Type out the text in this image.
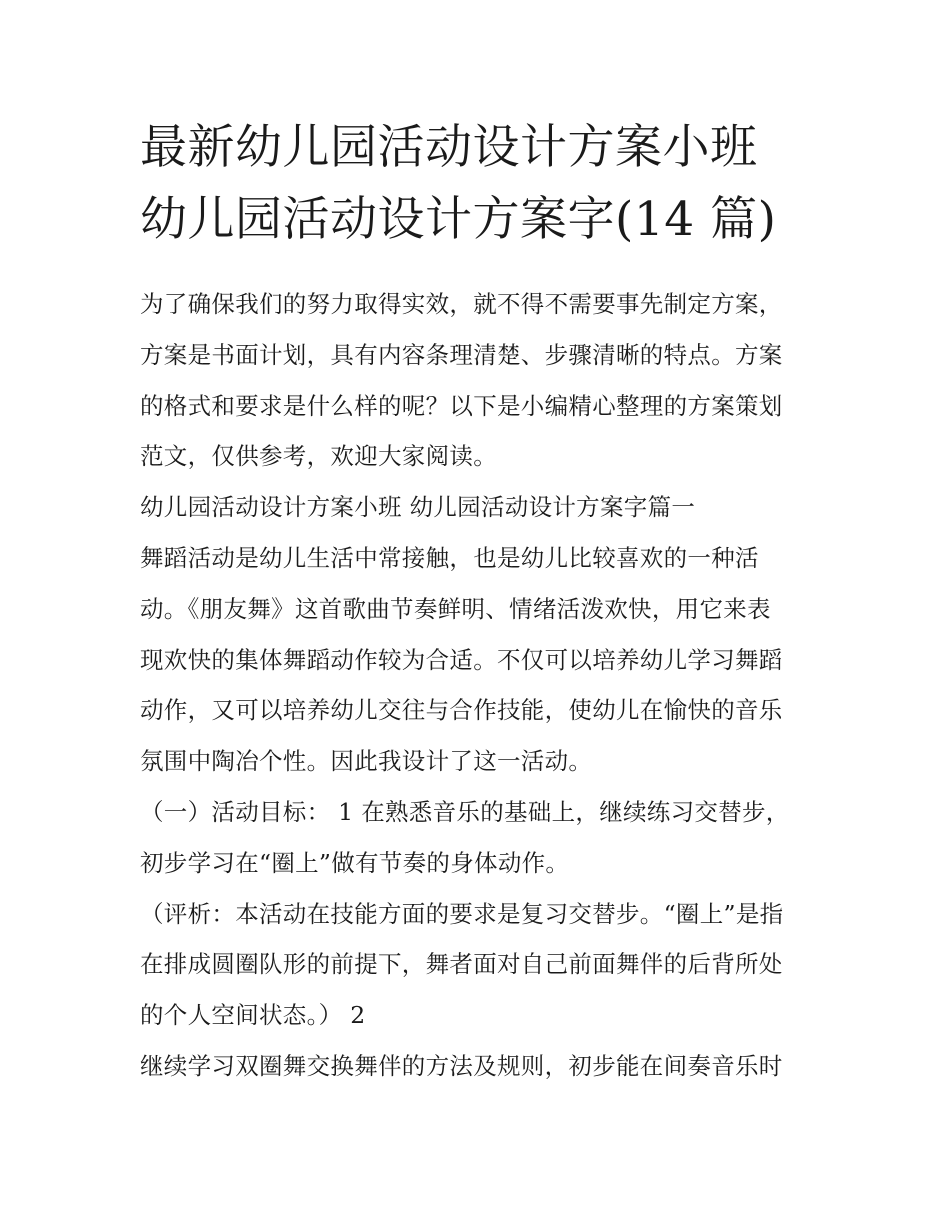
最新幼儿园活动设计方案小班
幼儿园活动设计方案字(14 篇)
为了确保我们的努力取得实效，就不得不需要事先制定方案，
方案是书面计划，具有内容条理清楚、步骤清晰的特点。方案
的格式和要求是什么样的呢？以下是小编精心整理的方案策划
范文，仅供参考，欢迎大家阅读。
幼儿园活动设计方案小班 幼儿园活动设计方案字篇一
舞蹈活动是幼儿生活中常接触，也是幼儿比较喜欢的一种活
动。《朋友舞》这首歌曲节奏鲜明、情绪活泼欢快，用它来表
现欢快的集体舞蹈动作较为合适。不仅可以培养幼儿学习舞蹈
动作，又可以培养幼儿交往与合作技能，使幼儿在愉快的音乐
氛围中陶冶个性。因此我设计了这一活动。
（一）活动目标： 1 在熟悉音乐的基础上，继续练习交替步，
初步学习在“圈上”做有节奏的身体动作。
（评析：本活动在技能方面的要求是复习交替步。“圈上”是指
在排成圆圈队形的前提下，舞者面对自己前面舞伴的后背所处
的个人空间状态。） 2
继续学习双圈舞交换舞伴的方法及规则，初步能在间奏音乐时
